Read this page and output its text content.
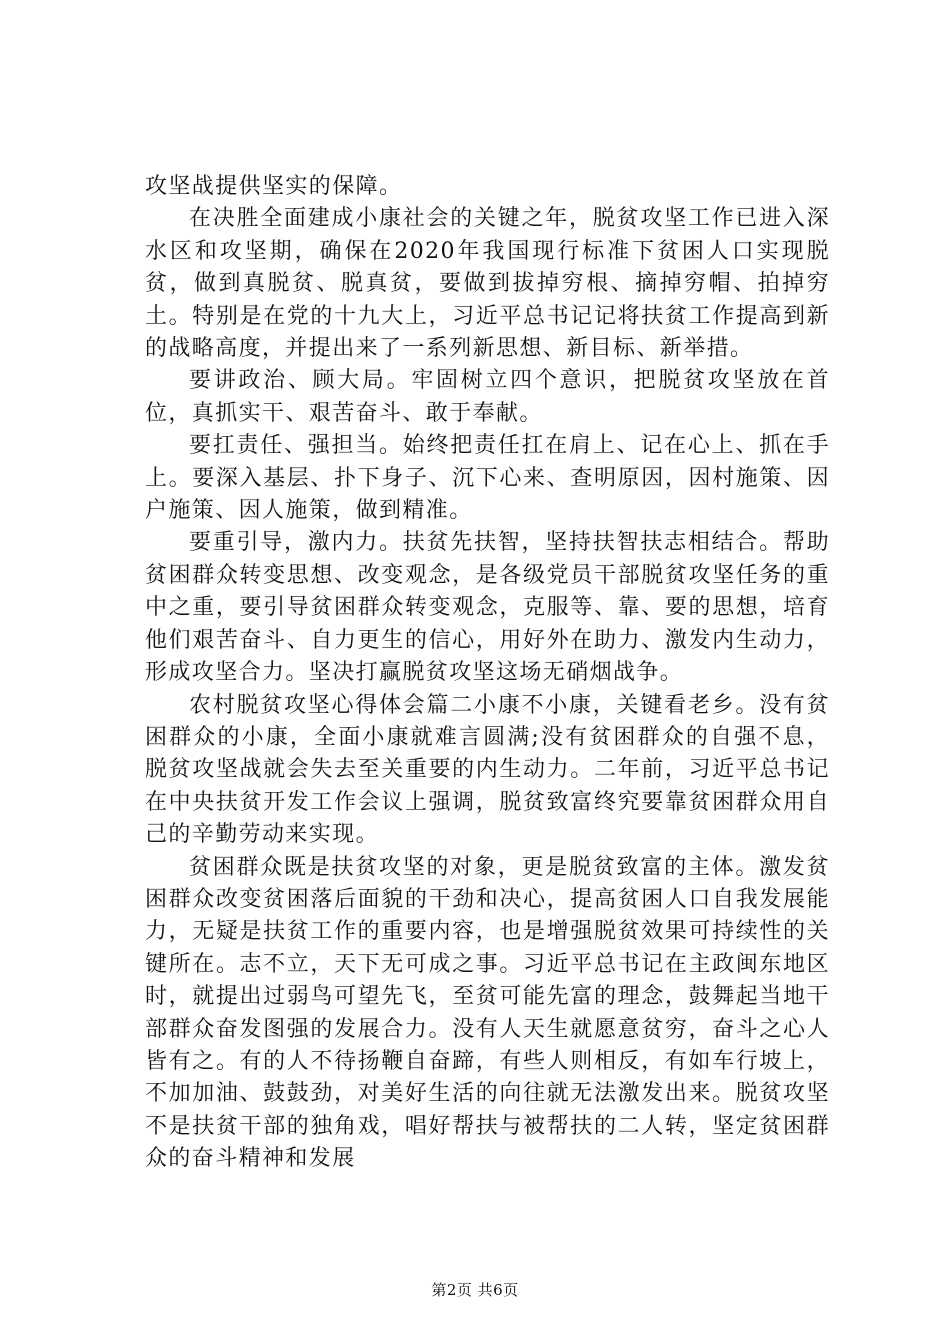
攻坚战提供坚实的保障。

在决胜全面建成小康社会的关键之年，脱贫攻坚工作已进入深水区和攻坚期，确保在2020年我国现行标准下贫困人口实现脱贫，做到真脱贫、脱真贫，要做到拔掉穷根、摘掉穷帽、拍掉穷土。特别是在党的十九大上，习近平总书记记将扶贫工作提高到新的战略高度，并提出来了一系列新思想、新目标、新举措。

要讲政治、顾大局。牢固树立四个意识，把脱贫攻坚放在首位，真抓实干、艰苦奋斗、敢于奉献。

要扛责任、强担当。始终把责任扛在肩上、记在心上、抓在手上。要深入基层、扑下身子、沉下心来、查明原因，因村施策、因户施策、因人施策，做到精准。

要重引导，激内力。扶贫先扶智，坚持扶智扶志相结合。帮助贫困群众转变思想、改变观念，是各级党员干部脱贫攻坚任务的重中之重，要引导贫困群众转变观念，克服等、靠、要的思想，培育他们艰苦奋斗、自力更生的信心，用好外在助力、激发内生动力，形成攻坚合力。坚决打赢脱贫攻坚这场无硝烟战争。

农村脱贫攻坚心得体会篇二小康不小康，关键看老乡。没有贫困群众的小康，全面小康就难言圆满;没有贫困群众的自强不息，脱贫攻坚战就会失去至关重要的内生动力。二年前，习近平总书记在中央扶贫开发工作会议上强调，脱贫致富终究要靠贫困群众用自己的辛勤劳动来实现。

贫困群众既是扶贫攻坚的对象，更是脱贫致富的主体。激发贫困群众改变贫困落后面貌的干劲和决心，提高贫困人口自我发展能力，无疑是扶贫工作的重要内容，也是增强脱贫效果可持续性的关键所在。志不立，天下无可成之事。习近平总书记在主政闽东地区时，就提出过弱鸟可望先飞，至贫可能先富的理念，鼓舞起当地干部群众奋发图强的发展合力。没有人天生就愿意贫穷，奋斗之心人皆有之。有的人不待扬鞭自奋蹄，有些人则相反，有如车行坡上，不加加油、鼓鼓劲，对美好生活的向往就无法激发出来。脱贫攻坚不是扶贫干部的独角戏，唱好帮扶与被帮扶的二人转，坚定贫困群众的奋斗精神和发展

第2页 共6页
